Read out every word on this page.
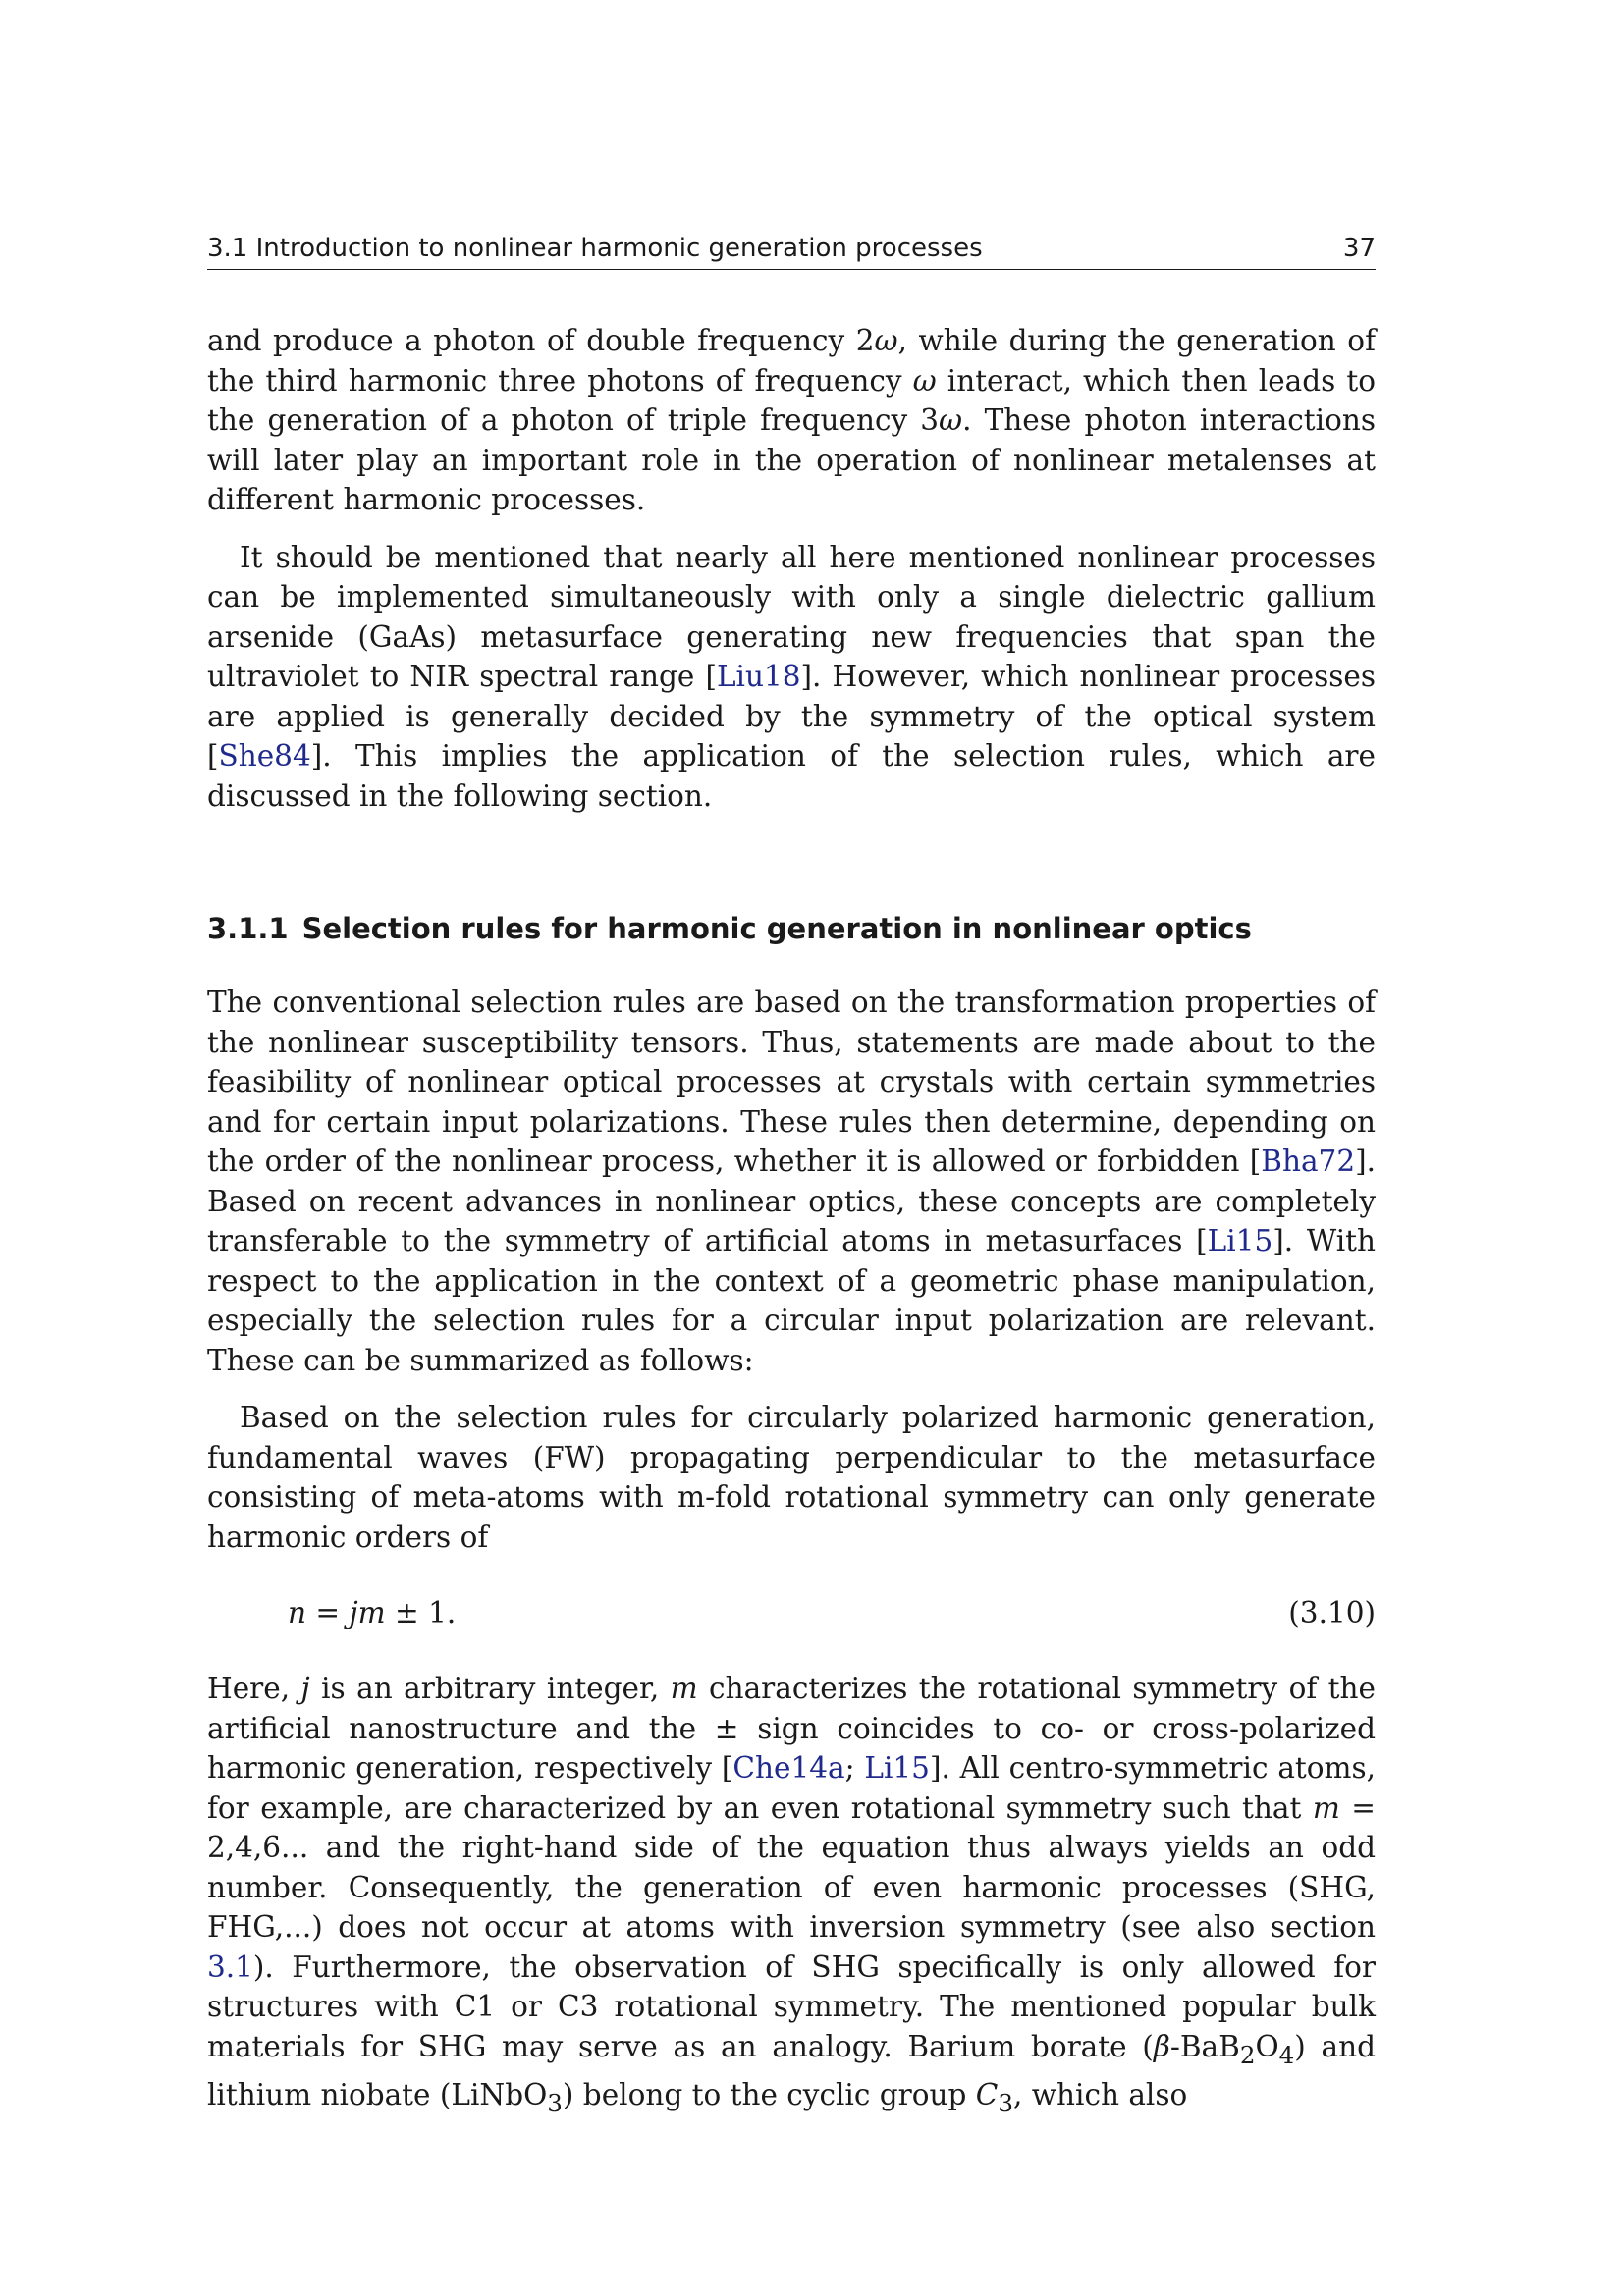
3.1 Introduction to nonlinear harmonic generation processes	37

and produce a photon of double frequency 2ω, while during the generation of the third harmonic three photons of frequency ω interact, which then leads to the generation of a photon of triple frequency 3ω. These photon interactions will later play an important role in the operation of nonlinear metalenses at different harmonic processes.

It should be mentioned that nearly all here mentioned nonlinear processes can be implemented simultaneously with only a single dielectric gallium arsenide (GaAs) metasurface generating new frequencies that span the ultraviolet to NIR spectral range [Liu18]. However, which nonlinear processes are applied is generally decided by the symmetry of the optical system [She84]. This implies the application of the selection rules, which are discussed in the following section.

3.1.1 Selection rules for harmonic generation in nonlinear optics

The conventional selection rules are based on the transformation properties of the nonlinear susceptibility tensors. Thus, statements are made about to the feasibility of nonlinear optical processes at crystals with certain symmetries and for certain input polarizations. These rules then determine, depending on the order of the nonlinear process, whether it is allowed or forbidden [Bha72]. Based on recent advances in nonlinear optics, these concepts are completely transferable to the symmetry of artificial atoms in metasurfaces [Li15]. With respect to the application in the context of a geometric phase manipulation, especially the selection rules for a circular input polarization are relevant. These can be summarized as follows:

Based on the selection rules for circularly polarized harmonic generation, fundamental waves (FW) propagating perpendicular to the metasurface consisting of meta-atoms with m-fold rotational symmetry can only generate harmonic orders of

n = jm ± 1.	(3.10)

Here, j is an arbitrary integer, m characterizes the rotational symmetry of the artificial nanostructure and the ± sign coincides to co- or cross-polarized harmonic generation, respectively [Che14a; Li15]. All centro-symmetric atoms, for example, are characterized by an even rotational symmetry such that m = 2,4,6... and the right-hand side of the equation thus always yields an odd number. Consequently, the generation of even harmonic processes (SHG, FHG,...) does not occur at atoms with inversion symmetry (see also section 3.1). Furthermore, the observation of SHG specifically is only allowed for structures with C1 or C3 rotational symmetry. The mentioned popular bulk materials for SHG may serve as an analogy. Barium borate $(\beta-BaB_2O_4)$ and lithium niobate (LiNbO$_3$) belong to the cyclic group $C_3$, which also
